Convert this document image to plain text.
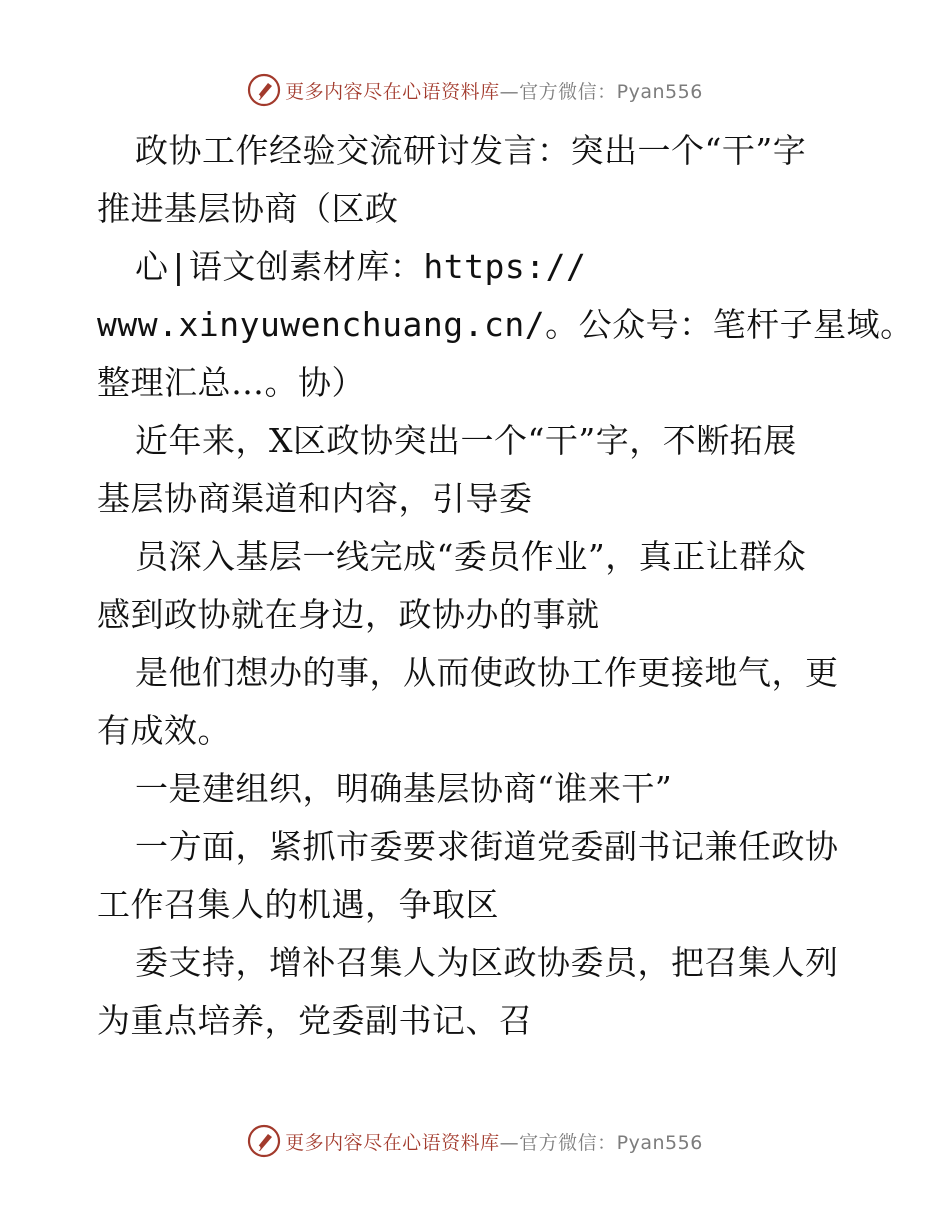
更多内容尽在心语资料库 —官方微信：Pyan556
政协工作经验交流研讨发言：突出一个“干”字
推进基层协商（区政
心|语文创素材库：https://
www.xinyuwenchuang.cn/。公众号：笔杆子星域。
整理汇总…。协）
近年来，X区政协突出一个“干”字，不断拓展
基层协商渠道和内容，引导委
员深入基层一线完成“委员作业”，真正让群众
感到政协就在身边，政协办的事就
是他们想办的事，从而使政协工作更接地气，更
有成效。
一是建组织，明确基层协商“谁来干”
一方面，紧抓市委要求街道党委副书记兼任政协
工作召集人的机遇，争取区
委支持，增补召集人为区政协委员，把召集人列
为重点培养，党委副书记、召
更多内容尽在心语资料库 —官方微信：Pyan556
